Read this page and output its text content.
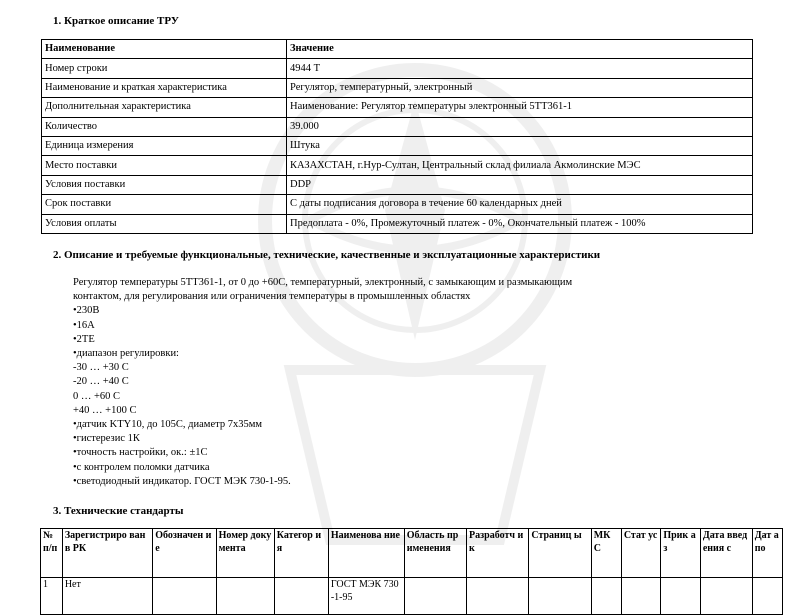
1. Краткое описание ТРУ
Наименование	Значение
Номер строки	4944 Т
Наименование и краткая характеристика	Регулятор, температурный, электронный
Дополнительная характеристика	Наименование: Регулятор температуры электронный 5ТТ361-1
Количество	39.000
Единица измерения	Штука
Место поставки	КАЗАХСТАН, г.Нур-Султан, Центральный склад филиала Акмолинские МЭС
Условия поставки	DDP
Срок поставки	С даты подписания договора в течение 60 календарных дней
Условия оплаты	Предоплата - 0%, Промежуточный платеж - 0%, Окончательный платеж - 100%
2. Описание и требуемые функциональные, технические, качественные и эксплуатационные характеристики
Регулятор температуры 5ТТ361-1, от 0 до +60С, температурный, электронный, с замыкающим и размыкающим
контактом, для регулирования или ограничения температуры в промышленных областях
•230В
•16А
•2ТЕ
•диапазон регулировки:
-30 … +30 С
-20 … +40 С
0 … +60 С
+40 … +100 С
•датчик KTY10, до 105С, диаметр 7х35мм
•гистерезис 1К
•точность настройки, ок.: ±1С
•с контролем поломки датчика
•светодиодный индикатор. ГОСТ МЭК 730-1-95.
3. Технические стандарты
№ п/п	Зарегистриро ван в РК	Обозначен ие	Номер документа	Категор ия	Наименова ние	Область применения	Разработч ик	Страниц ы	МК С	Стат ус	Прик аз	Дата введения с	Дат а по
1	Нет				ГОСТ МЭК 730-1-95								
